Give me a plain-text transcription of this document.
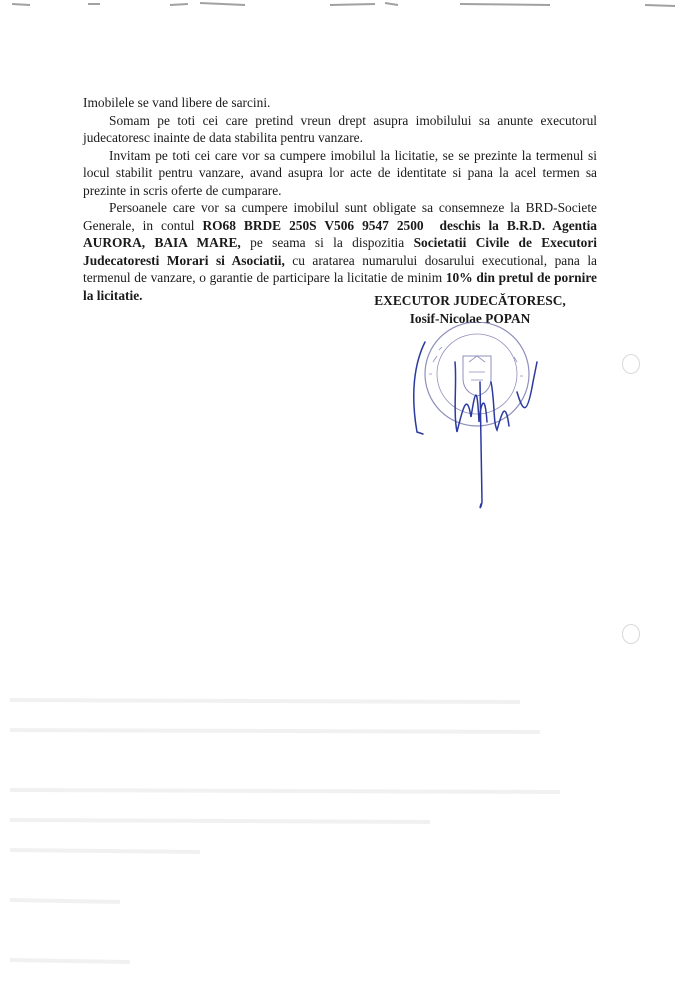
Imobilele se vand libere de sarcini.

Somam pe toti cei care pretind vreun drept asupra imobilului sa anunte executorul judecatoresc inainte de data stabilita pentru vanzare.

Invitam pe toti cei care vor sa cumpere imobilul la licitatie, se se prezinte la termenul si locul stabilit pentru vanzare, avand asupra lor acte de identitate si pana la acel termen sa prezinte in scris oferte de cumparare.

Persoanele care vor sa cumpere imobilul sunt obligate sa consemneze la BRD-Societe Generale, in contul RO68 BRDE 250S V506 9547 2500 deschis la B.R.D. Agentia AURORA, BAIA MARE, pe seama si la dispozitia Societatii Civile de Executori Judecatoresti Morari si Asociatii, cu aratarea numarului dosarului executional, pana la termenul de vanzare, o garantie de participare la licitatie de minim 10% din pretul de pornire la licitatie.	EXECUTOR JUDECĂTORESC,
Iosif-Nicolae POPAN
